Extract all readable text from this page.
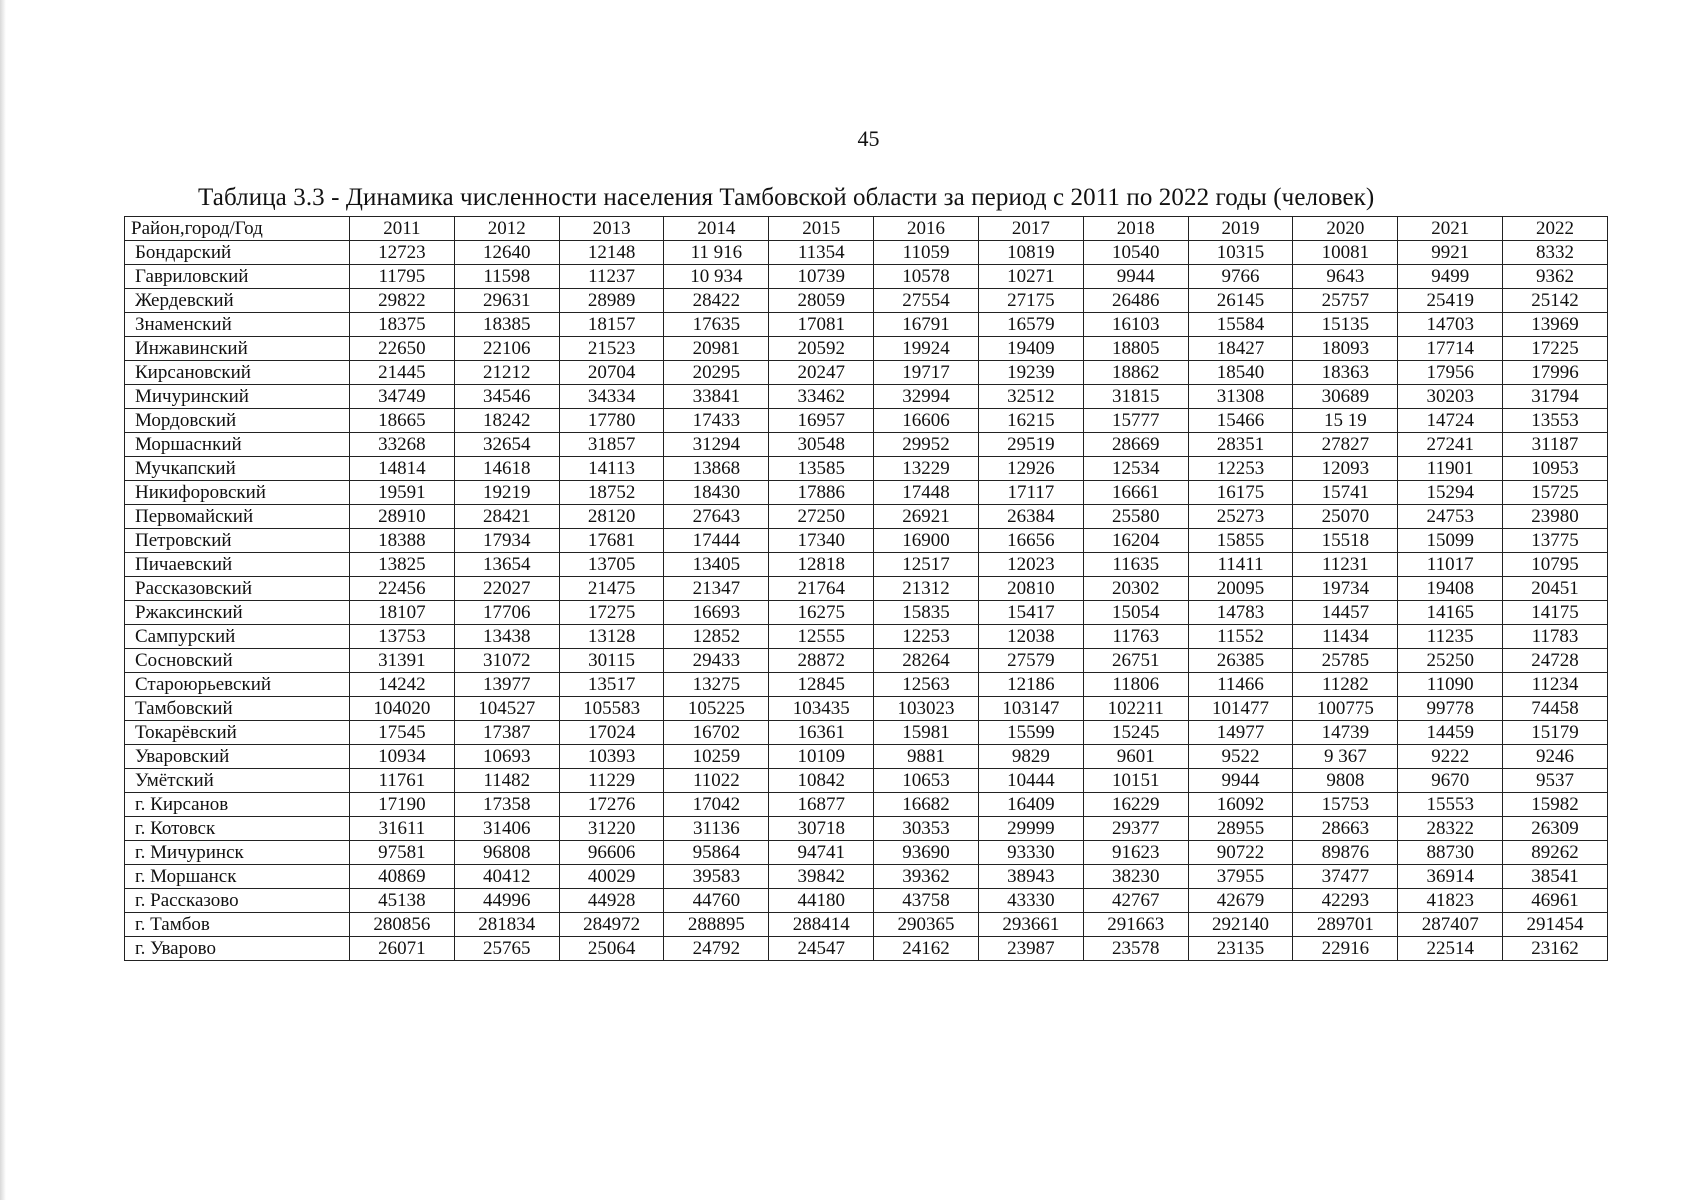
45
Таблица 3.3 - Динамика численности населения Тамбовской области за период с 2011 по 2022 годы (человек)
Район,город/Год	2011	2012	2013	2014	2015	2016	2017	2018	2019	2020	2021	2022
Бондарский	12723	12640	12148	11 916	11354	11059	10819	10540	10315	10081	9921	8332
Гавриловский	11795	11598	11237	10 934	10739	10578	10271	9944	9766	9643	9499	9362
Жердевский	29822	29631	28989	28422	28059	27554	27175	26486	26145	25757	25419	25142
Знаменский	18375	18385	18157	17635	17081	16791	16579	16103	15584	15135	14703	13969
Инжавинский	22650	22106	21523	20981	20592	19924	19409	18805	18427	18093	17714	17225
Кирсановский	21445	21212	20704	20295	20247	19717	19239	18862	18540	18363	17956	17996
Мичуринский	34749	34546	34334	33841	33462	32994	32512	31815	31308	30689	30203	31794
Мордовский	18665	18242	17780	17433	16957	16606	16215	15777	15466	15 19	14724	13553
Моршаснкий	33268	32654	31857	31294	30548	29952	29519	28669	28351	27827	27241	31187
Мучкапский	14814	14618	14113	13868	13585	13229	12926	12534	12253	12093	11901	10953
Никифоровский	19591	19219	18752	18430	17886	17448	17117	16661	16175	15741	15294	15725
Первомайский	28910	28421	28120	27643	27250	26921	26384	25580	25273	25070	24753	23980
Петровский	18388	17934	17681	17444	17340	16900	16656	16204	15855	15518	15099	13775
Пичаевский	13825	13654	13705	13405	12818	12517	12023	11635	11411	11231	11017	10795
Рассказовский	22456	22027	21475	21347	21764	21312	20810	20302	20095	19734	19408	20451
Ржаксинский	18107	17706	17275	16693	16275	15835	15417	15054	14783	14457	14165	14175
Сампурский	13753	13438	13128	12852	12555	12253	12038	11763	11552	11434	11235	11783
Сосновский	31391	31072	30115	29433	28872	28264	27579	26751	26385	25785	25250	24728
Староюрьевский	14242	13977	13517	13275	12845	12563	12186	11806	11466	11282	11090	11234
Тамбовский	104020	104527	105583	105225	103435	103023	103147	102211	101477	100775	99778	74458
Токарёвский	17545	17387	17024	16702	16361	15981	15599	15245	14977	14739	14459	15179
Уваровский	10934	10693	10393	10259	10109	9881	9829	9601	9522	9 367	9222	9246
Умётский	11761	11482	11229	11022	10842	10653	10444	10151	9944	9808	9670	9537
г. Кирсанов	17190	17358	17276	17042	16877	16682	16409	16229	16092	15753	15553	15982
г. Котовск	31611	31406	31220	31136	30718	30353	29999	29377	28955	28663	28322	26309
г. Мичуринск	97581	96808	96606	95864	94741	93690	93330	91623	90722	89876	88730	89262
г. Моршанск	40869	40412	40029	39583	39842	39362	38943	38230	37955	37477	36914	38541
г. Рассказово	45138	44996	44928	44760	44180	43758	43330	42767	42679	42293	41823	46961
г. Тамбов	280856	281834	284972	288895	288414	290365	293661	291663	292140	289701	287407	291454
г. Уварово	26071	25765	25064	24792	24547	24162	23987	23578	23135	22916	22514	23162
